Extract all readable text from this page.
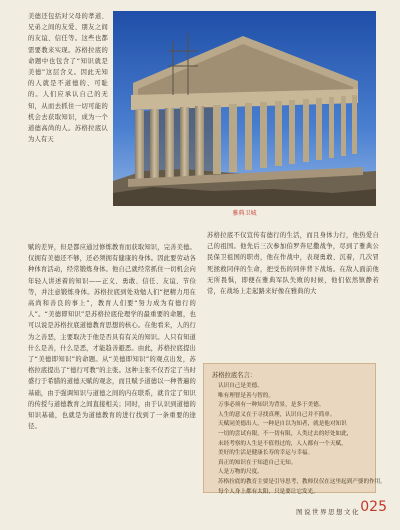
美德还包括对父母的孝道、兄弟之间的友爱、朋友之间的友谊、信任等。这些也都需要教来实现。苏格拉底的命题中也包含了“知识就是美德”这层含义。因此无知的人就是不道德的、可耻的。人们应承认自己的无知，从而去抓住一切可能的机会去获取知识，成为一个道德高尚的人。苏格拉底认为人有天

雅典卫城

赋的差异，但是都应通过修炼教育而获取知识，完善美德。仅拥有美德还不够，还必须拥有健康的身体。因此要劳动各种体育活动，经常锻炼身体。他自己就经常抓住一切机会向年轻人讲述着的知识——正义、勇敢、信任、友谊、节俭等，并注意锻炼身体。苏格拉底到处劝勉人们“把精力用在高尚和善良的事上”，教育人们要“努力成为有德行的人”。“美德即知识”是苏格拉底伦理学的最重要的命题，也可以说是苏格拉底道德教育思想的核心。在他看来，人的行为之善恶，主要取决于他是否具有有关的知识。人只有知道什么是善，什么是恶，才能趋善避恶。由此，苏格拉底提出了“美德即知识”的命题。从“美德即知识”的观点出发，苏格拉底提出了“德行可教”的主张。这种主张不仅否定了当时盛行于希腊的道德天赋的观念，而且赋予道德以一种普遍的基础，由于强调知识与道德之间的内在联系，就肯定了知识的传授与道德教育之间直接相关；同时，由于认识到道德的知识基础，也就是为道德教育的进行找到了一条重要的途径。

苏格拉底不仅宣传有德行的生活，而且身体力行，他热爱自己的祖国。他先后三次参加伯罗奔尼撒战争，尽到了雅典公民保卫祖国的职责，他在作战中，表现勇敢、沉着，几次冒死拯救同伴的生命，把受伤的同伴背下战场。在敌人面前他无所畏惧，即便在雅典军队失败的时候，他们依然镇静若常，在战场上走起路来好像在雅典的大

苏格拉底名言：

认识自己是美德。

唯有理智是善与智的。

万事必须有一种知识为背景，是多于美德。

人生的意义在于寻找真理，认识自己并不简单。

天赋同美德出人，一种是自以为知者，就是他对知识

一切的尝试有限，不一切有限，人类过去的好处如此，

未经考察的人生是不值得过的，人人都有一个天赋，

美好的生活是健康长寿的幸运与幸福。

真正的知识在于知道自己无知。

人是万物的尺度。

苏格拉底的教育主要是引导思考，教师仅仅在这里起到产婆的作用。

每个人身上都有太阳，只是要让它发光。

图说世界思想文化 025
